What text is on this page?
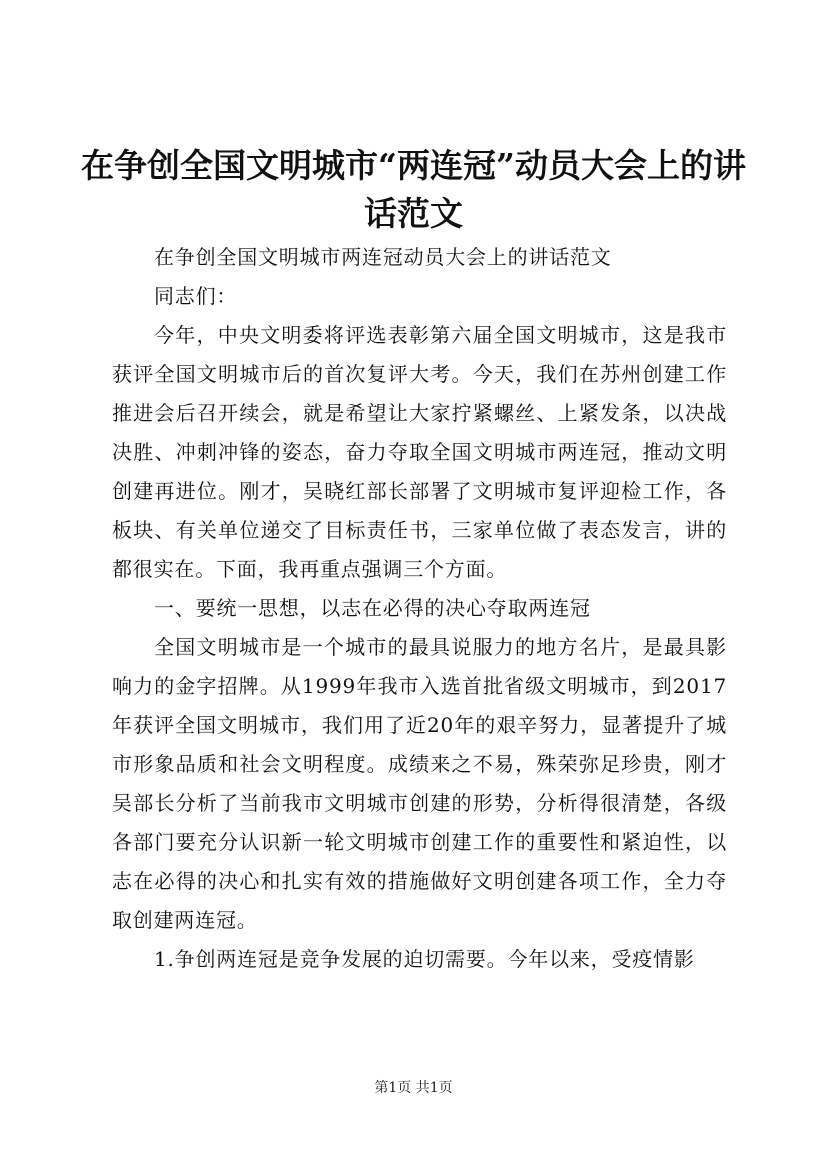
在争创全国文明城市“两连冠”动员大会上的讲话范文

在争创全国文明城市两连冠动员大会上的讲话范文

同志们：

今年，中央文明委将评选表彰第六届全国文明城市，这是我市获评全国文明城市后的首次复评大考。今天，我们在苏州创建工作推进会后召开续会，就是希望让大家拧紧螺丝、上紧发条，以决战决胜、冲刺冲锋的姿态，奋力夺取全国文明城市两连冠，推动文明创建再进位。刚才，吴晓红部长部署了文明城市复评迎检工作，各板块、有关单位递交了目标责任书，三家单位做了表态发言，讲的都很实在。下面，我再重点强调三个方面。

一、要统一思想，以志在必得的决心夺取两连冠

全国文明城市是一个城市的最具说服力的地方名片，是最具影响力的金字招牌。从1999年我市入选首批省级文明城市，到2017年获评全国文明城市，我们用了近20年的艰辛努力，显著提升了城市形象品质和社会文明程度。成绩来之不易，殊荣弥足珍贵，刚才吴部长分析了当前我市文明城市创建的形势，分析得很清楚，各级各部门要充分认识新一轮文明城市创建工作的重要性和紧迫性，以志在必得的决心和扎实有效的措施做好文明创建各项工作，全力夺取创建两连冠。

1.争创两连冠是竞争发展的迫切需要。今年以来，受疫情影

第1页 共1页
